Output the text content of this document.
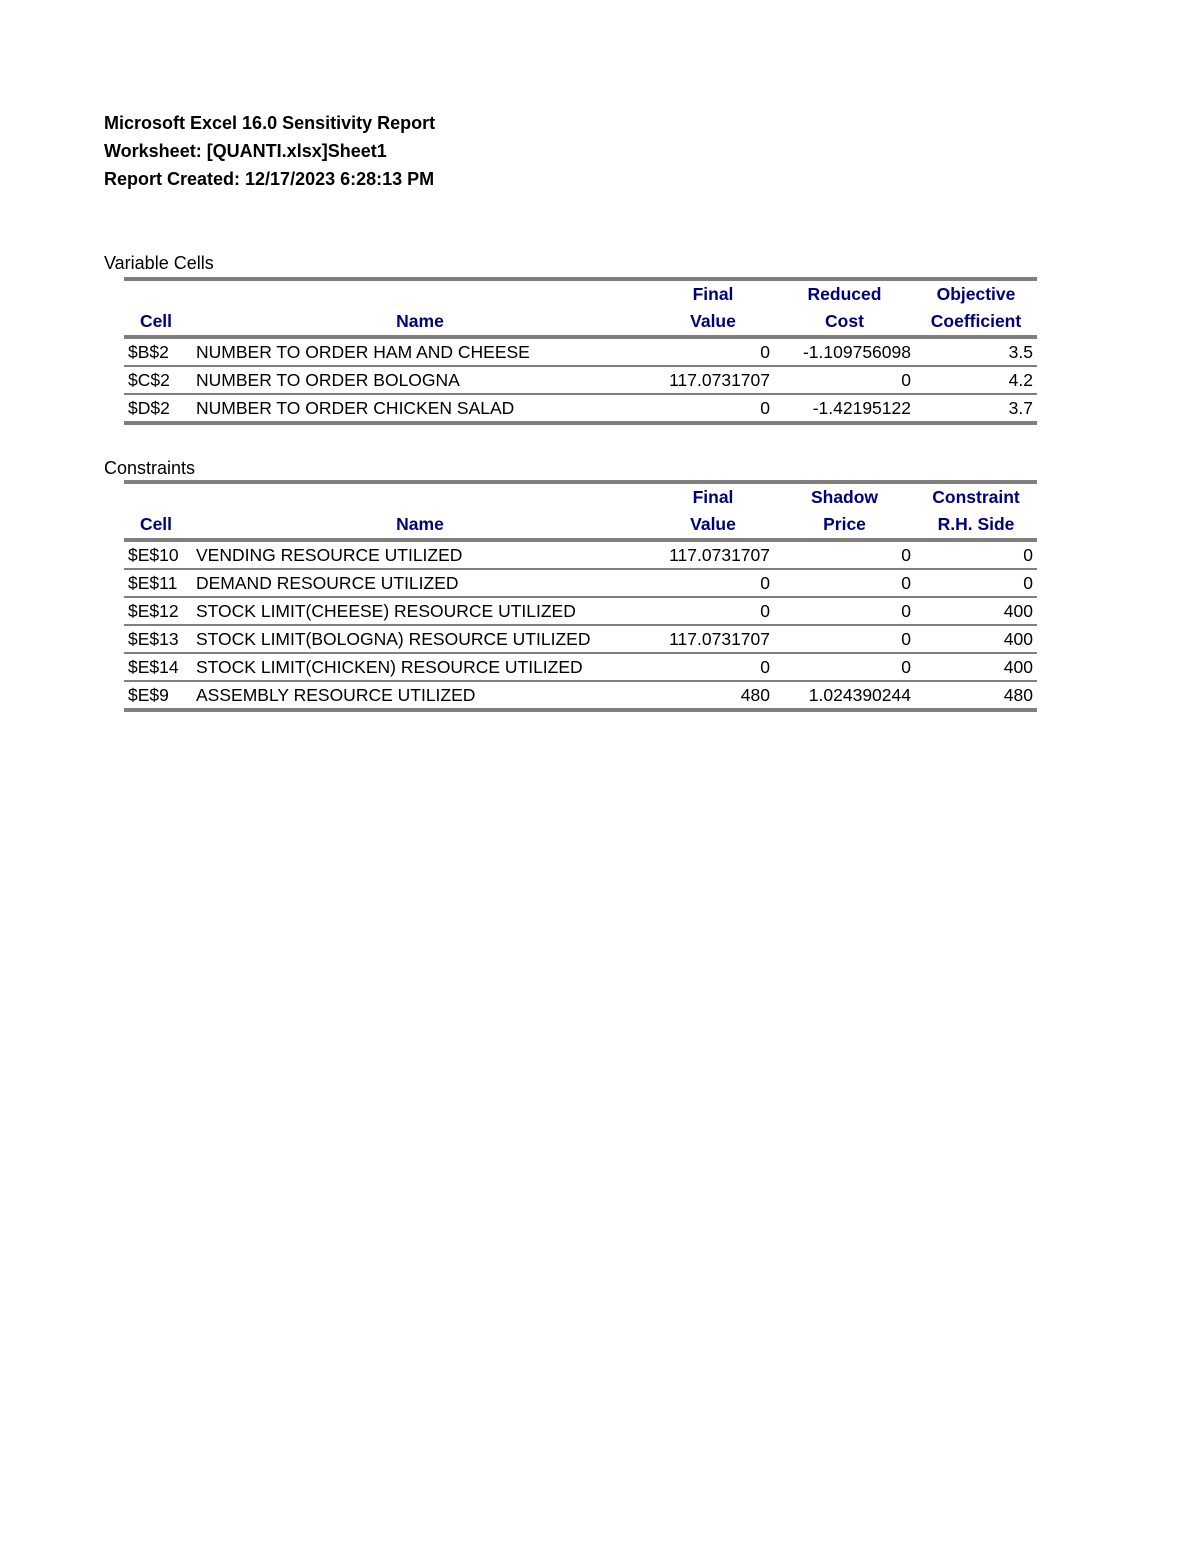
Microsoft Excel 16.0 Sensitivity Report
Worksheet: [QUANTI.xlsx]Sheet1
Report Created: 12/17/2023 6:28:13 PM
Variable Cells
		Final	Reduced	Objective
Cell	Name	Value	Cost	Coefficient
$B$2	NUMBER TO ORDER HAM AND CHEESE	0	-1.109756098	3.5
$C$2	NUMBER TO ORDER BOLOGNA	117.0731707	0	4.2
$D$2	NUMBER TO ORDER CHICKEN SALAD	0	-1.42195122	3.7
Constraints
		Final	Shadow	Constraint
Cell	Name	Value	Price	R.H. Side
$E$10	VENDING RESOURCE UTILIZED	117.0731707	0	0
$E$11	DEMAND RESOURCE UTILIZED	0	0	0
$E$12	STOCK LIMIT(CHEESE) RESOURCE UTILIZED	0	0	400
$E$13	STOCK LIMIT(BOLOGNA) RESOURCE UTILIZED	117.0731707	0	400
$E$14	STOCK LIMIT(CHICKEN) RESOURCE UTILIZED	0	0	400
$E$9	ASSEMBLY RESOURCE UTILIZED	480	1.024390244	480
